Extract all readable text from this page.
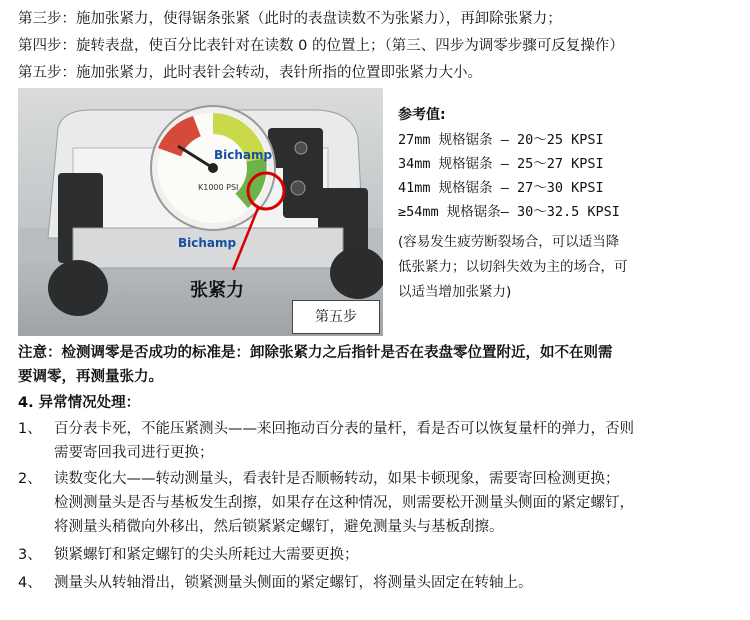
第三步：施加张紧力，使得锯条张紧（此时的表盘读数不为张紧力），再卸除张紧力；
第四步：旋转表盘，使百分比表针对在读数 0 的位置上；（第三、四步为调零步骤可反复操作）
第五步：施加张紧力，此时表针会转动，表针所指的位置即张紧力大小。
Bichamp
K1000 PSI
Bichamp
张紧力
第五步
参考值:
27mm 规格锯条 — 20～25 KPSI
34mm 规格锯条 — 25～27 KPSI
41mm 规格锯条 — 27～30 KPSI
≥54mm 规格锯条— 30～32.5 KPSI
(容易发生疲劳断裂场合，可以适当降
低张紧力；以切斜失效为主的场合，可
以适当增加张紧力)
注意：检测调零是否成功的标准是：卸除张紧力之后指针是否在表盘零位置附近，如不在则需
要调零，再测量张力。
4. 异常情况处理：
1、 百分表卡死，不能压紧测头——来回拖动百分表的量杆，看是否可以恢复量杆的弹力，否则
需要寄回我司进行更换；
2、 读数变化大——转动测量头，看表针是否顺畅转动，如果卡顿现象，需要寄回检测更换；
检测测量头是否与基板发生刮擦，如果存在这种情况，则需要松开测量头侧面的紧定螺钉，
将测量头稍微向外移出，然后锁紧紧定螺钉，避免测量头与基板刮擦。
3、 锁紧螺钉和紧定螺钉的尖头所耗过大需要更换；
4、 测量头从转轴滑出，锁紧测量头侧面的紧定螺钉，将测量头固定在转轴上。
